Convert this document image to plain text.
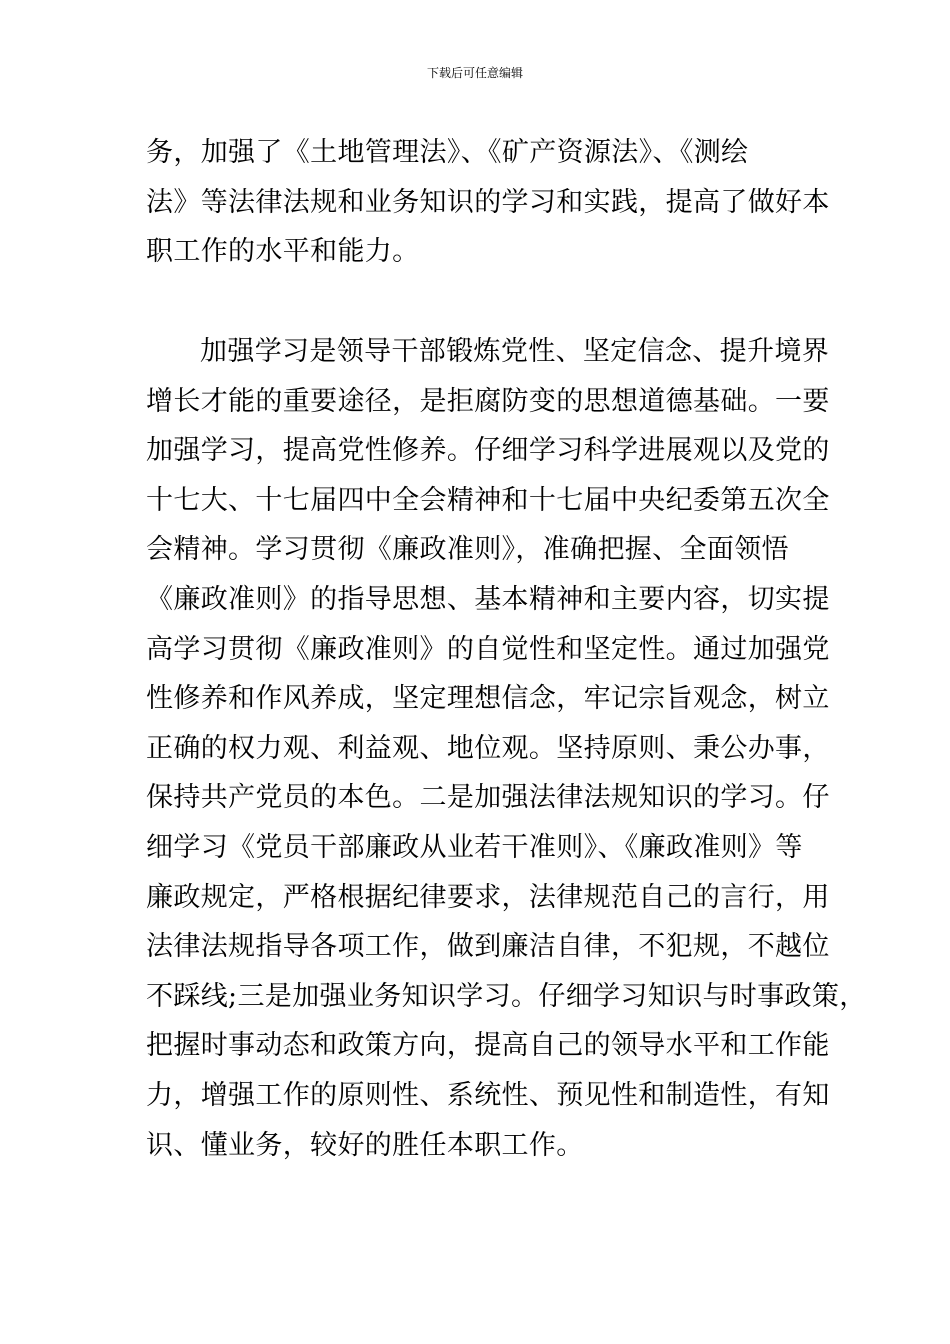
下载后可任意编辑
务，加强了《土地管理法》、《矿产资源法》、《测绘
法》等法律法规和业务知识的学习和实践，提高了做好本
职工作的水平和能力。
加强学习是领导干部锻炼党性、坚定信念、提升境界
增长才能的重要途径，是拒腐防变的思想道德基础。一要
加强学习，提高党性修养。仔细学习科学进展观以及党的
十七大、十七届四中全会精神和十七届中央纪委第五次全
会精神。学习贯彻《廉政准则》，准确把握、全面领悟
《廉政准则》的指导思想、基本精神和主要内容，切实提
高学习贯彻《廉政准则》的自觉性和坚定性。通过加强党
性修养和作风养成，坚定理想信念，牢记宗旨观念，树立
正确的权力观、利益观、地位观。坚持原则、秉公办事，
保持共产党员的本色。二是加强法律法规知识的学习。仔
细学习《党员干部廉政从业若干准则》、《廉政准则》等
廉政规定，严格根据纪律要求，法律规范自己的言行，用
法律法规指导各项工作，做到廉洁自律，不犯规，不越位
不踩线;三是加强业务知识学习。仔细学习知识与时事政策，
把握时事动态和政策方向，提高自己的领导水平和工作能
力，增强工作的原则性、系统性、预见性和制造性，有知
识、懂业务，较好的胜任本职工作。
